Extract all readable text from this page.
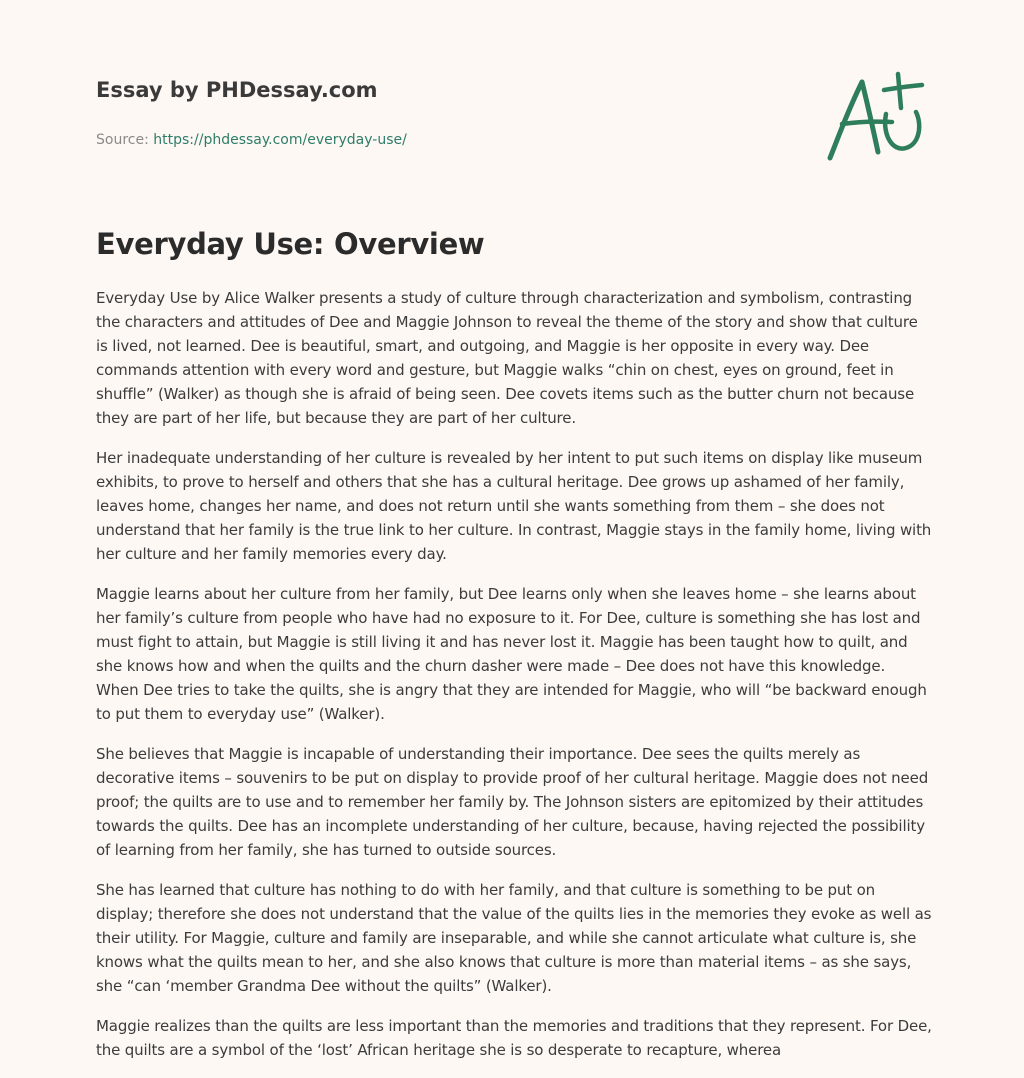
Essay by PHDessay.com
Source: https://phdessay.com/everyday-use/
Everyday Use: Overview

Everyday Use by Alice Walker presents a study of culture through characterization and symbolism, contrasting the characters and attitudes of Dee and Maggie Johnson to reveal the theme of the story and show that culture is lived, not learned. Dee is beautiful, smart, and outgoing, and Maggie is her opposite in every way. Dee commands attention with every word and gesture, but Maggie walks “chin on chest, eyes on ground, feet in shuffle” (Walker) as though she is afraid of being seen. Dee covets items such as the butter churn not because they are part of her life, but because they are part of her culture.

Her inadequate understanding of her culture is revealed by her intent to put such items on display like museum exhibits, to prove to herself and others that she has a cultural heritage. Dee grows up ashamed of her family, leaves home, changes her name, and does not return until she wants something from them – she does not understand that her family is the true link to her culture. In contrast, Maggie stays in the family home, living with her culture and her family memories every day.

Maggie learns about her culture from her family, but Dee learns only when she leaves home – she learns about her family’s culture from people who have had no exposure to it. For Dee, culture is something she has lost and must fight to attain, but Maggie is still living it and has never lost it. Maggie has been taught how to quilt, and she knows how and when the quilts and the churn dasher were made – Dee does not have this knowledge. When Dee tries to take the quilts, she is angry that they are intended for Maggie, who will “be backward enough to put them to everyday use” (Walker).

She believes that Maggie is incapable of understanding their importance. Dee sees the quilts merely as decorative items – souvenirs to be put on display to provide proof of her cultural heritage. Maggie does not need proof; the quilts are to use and to remember her family by. The Johnson sisters are epitomized by their attitudes towards the quilts. Dee has an incomplete understanding of her culture, because, having rejected the possibility of learning from her family, she has turned to outside sources.

She has learned that culture has nothing to do with her family, and that culture is something to be put on display; therefore she does not understand that the value of the quilts lies in the memories they evoke as well as their utility. For Maggie, culture and family are inseparable, and while she cannot articulate what culture is, she knows what the quilts mean to her, and she also knows that culture is more than material items – as she says, she “can ‘member Grandma Dee without the quilts” (Walker).

Maggie realizes than the quilts are less important than the memories and traditions that they represent. For Dee, the quilts are a symbol of the ‘lost’ African heritage she is so desperate to recapture, wherea
